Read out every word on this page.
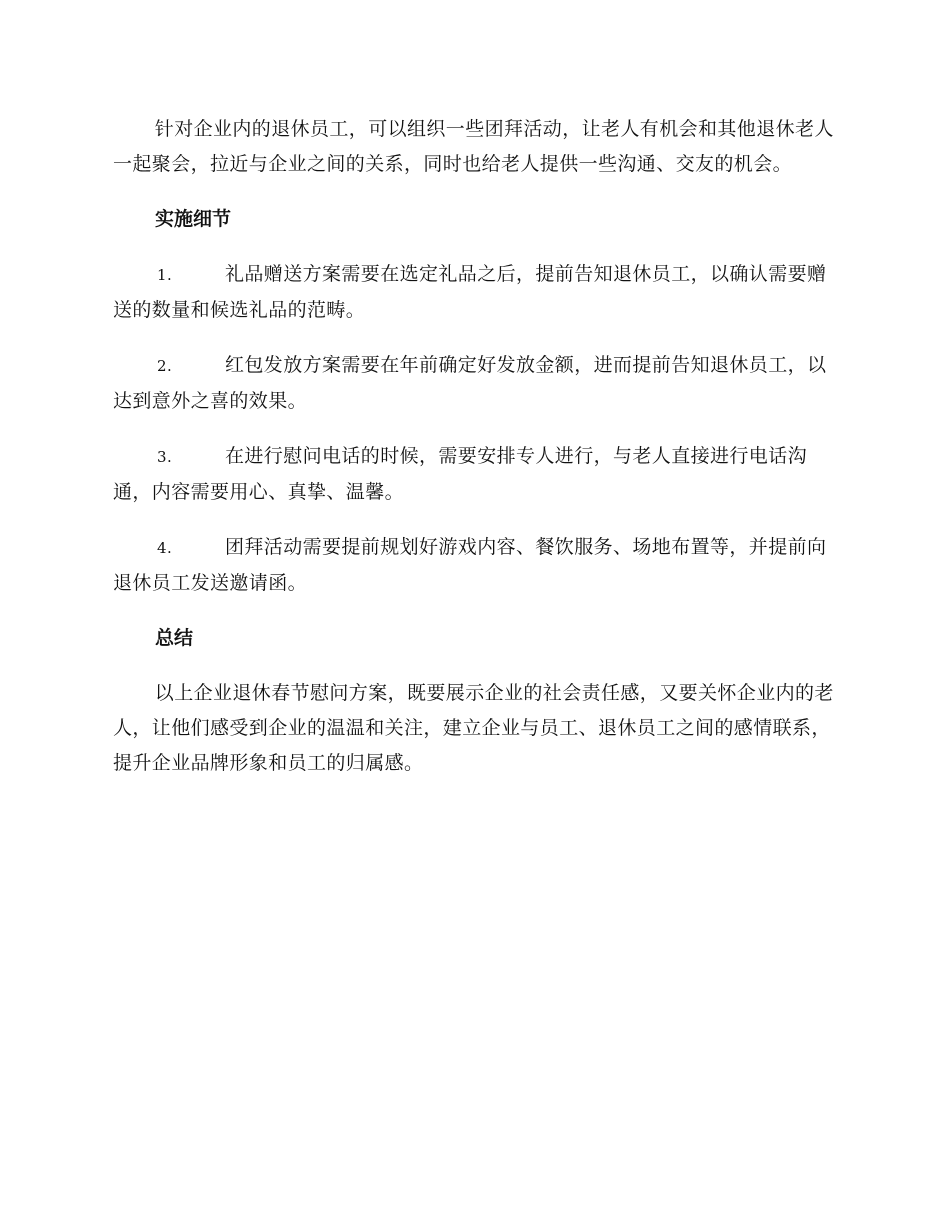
针对企业内的退休员工，可以组织一些团拜活动，让老人有机会和其他退休老人一起聚会，拉近与企业之间的关系，同时也给老人提供一些沟通、交友的机会。

实施细节
1.	礼品赠送方案需要在选定礼品之后，提前告知退休员工，以确认需要赠送的数量和候选礼品的范畴。
2.	红包发放方案需要在年前确定好发放金额，进而提前告知退休员工，以达到意外之喜的效果。
3.	在进行慰问电话的时候，需要安排专人进行，与老人直接进行电话沟通，内容需要用心、真挚、温馨。
4.	团拜活动需要提前规划好游戏内容、餐饮服务、场地布置等，并提前向退休员工发送邀请函。
总结

以上企业退休春节慰问方案，既要展示企业的社会责任感，又要关怀企业内的老人，让他们感受到企业的温温和关注，建立企业与员工、退休员工之间的感情联系，提升企业品牌形象和员工的归属感。
